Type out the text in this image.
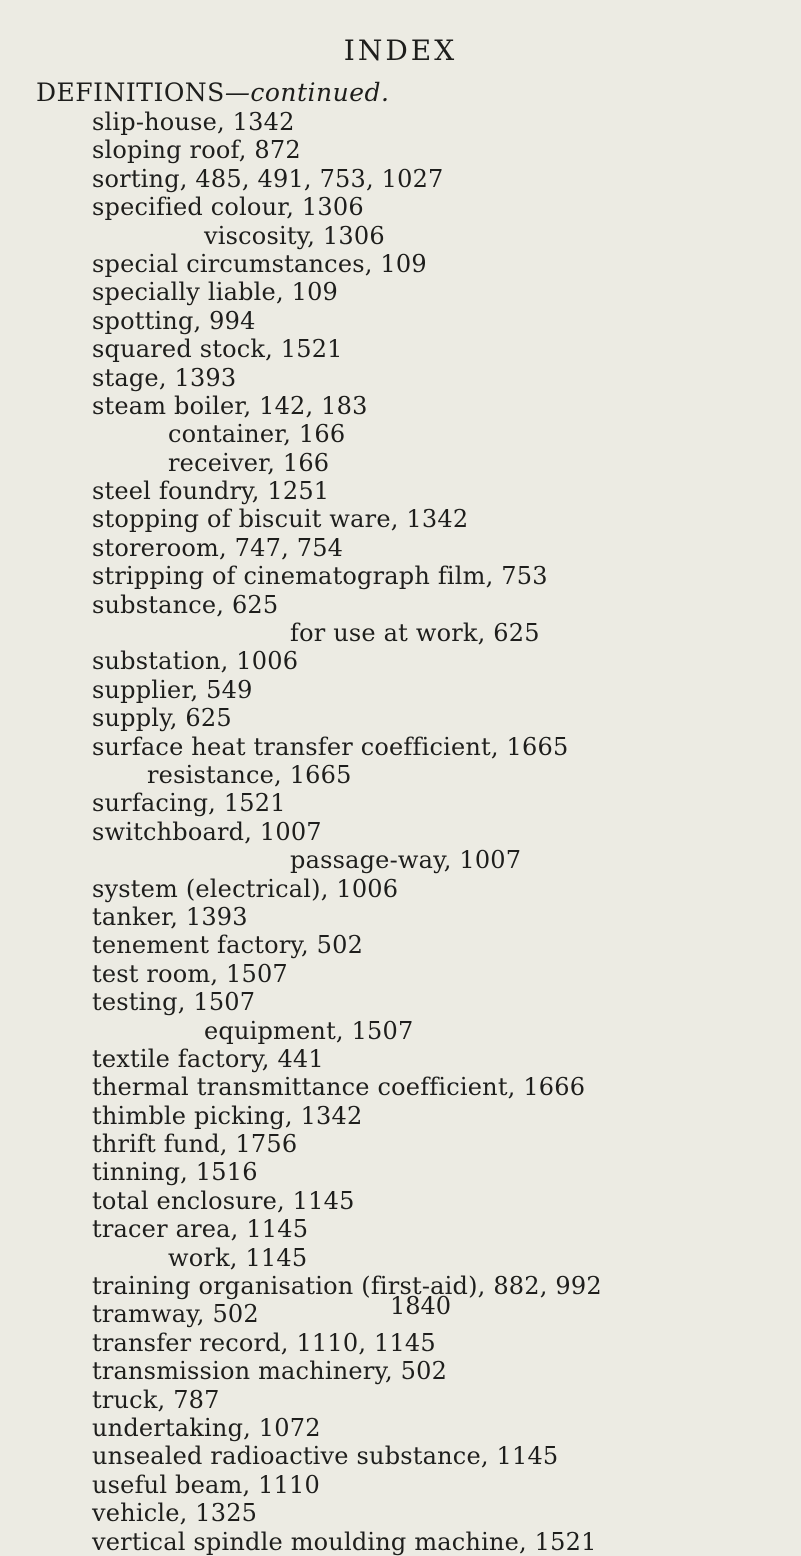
INDEX
DEFINITIONS—continued.
slip-house, 1342
sloping roof, 872
sorting, 485, 491, 753, 1027
specified colour, 1306
viscosity, 1306
special circumstances, 109
specially liable, 109
spotting, 994
squared stock, 1521
stage, 1393
steam boiler, 142, 183
container, 166
receiver, 166
steel foundry, 1251
stopping of biscuit ware, 1342
storeroom, 747, 754
stripping of cinematograph film, 753
substance, 625
for use at work, 625
substation, 1006
supplier, 549
supply, 625
surface heat transfer coefficient, 1665
resistance, 1665
surfacing, 1521
switchboard, 1007
passage-way, 1007
system (electrical), 1006
tanker, 1393
tenement factory, 502
test room, 1507
testing, 1507
equipment, 1507
textile factory, 441
thermal transmittance coefficient, 1666
thimble picking, 1342
thrift fund, 1756
tinning, 1516
total enclosure, 1145
tracer area, 1145
work, 1145
training organisation (first-aid), 882, 992
tramway, 502
transfer record, 1110, 1145
transmission machinery, 502
truck, 787
undertaking, 1072
unsealed radioactive substance, 1145
useful beam, 1110
vehicle, 1325
vertical spindle moulding machine, 1521
1840
